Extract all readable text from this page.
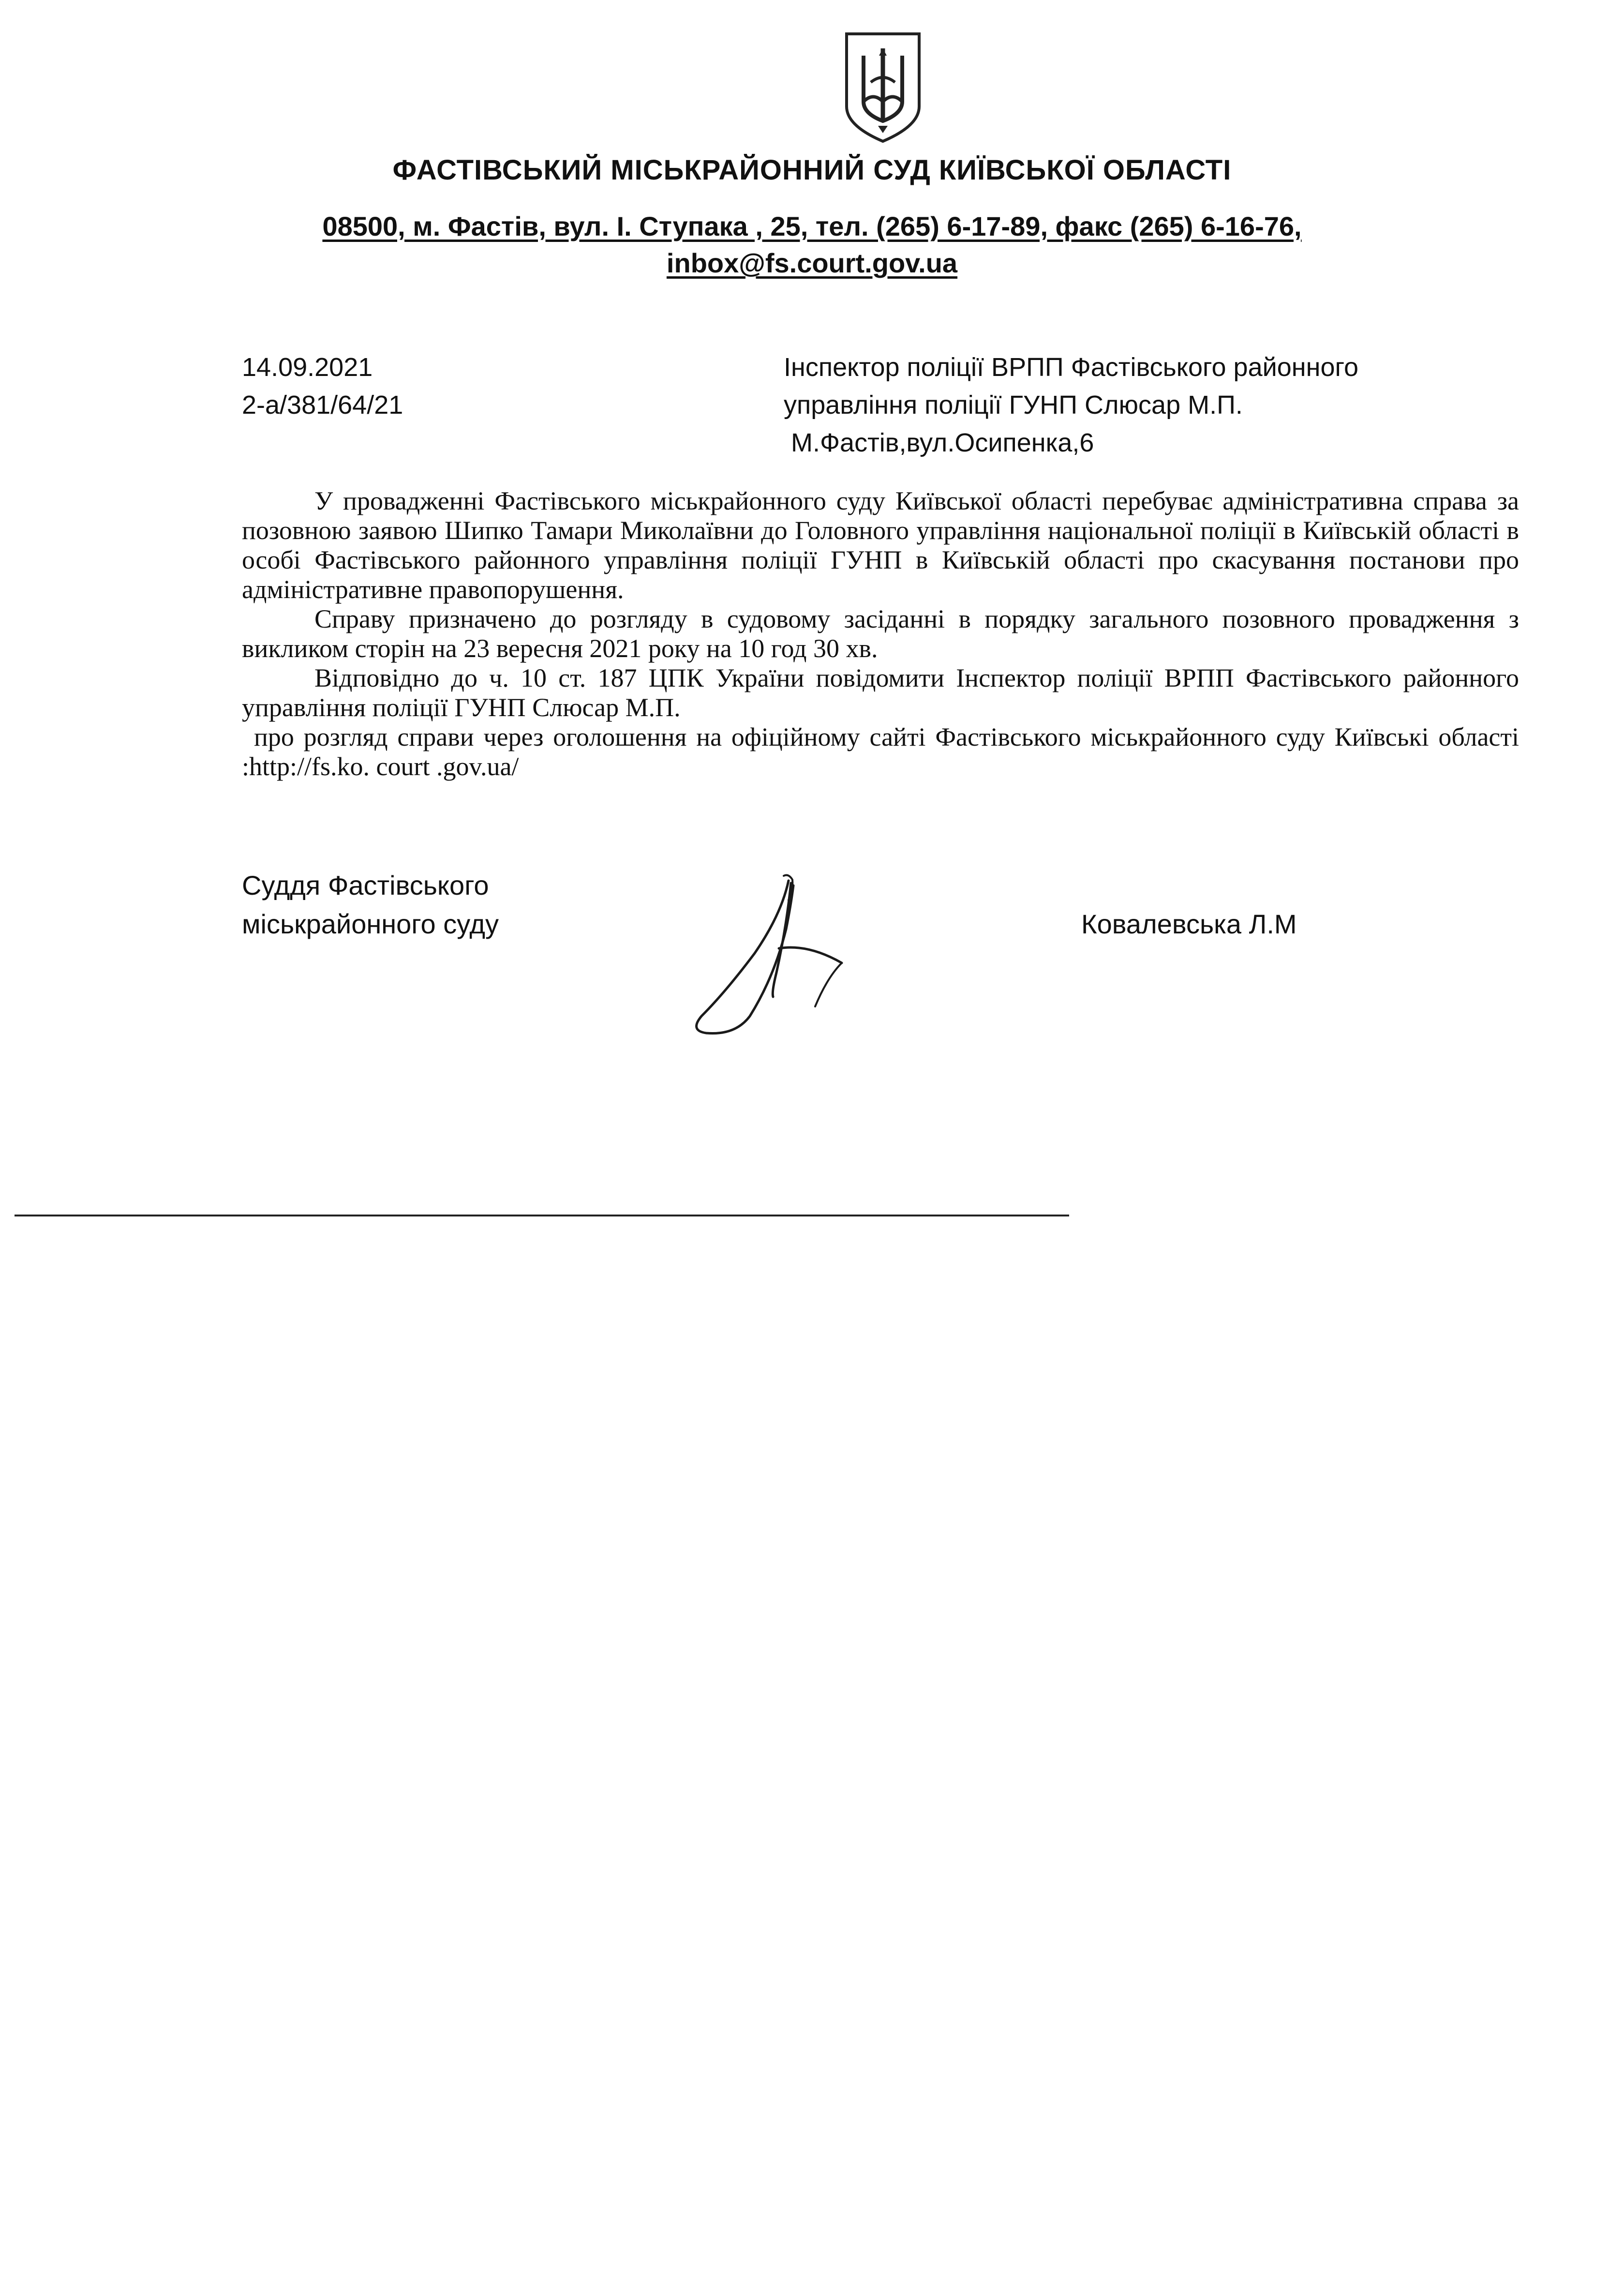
ФАСТІВСЬКИЙ МІСЬКРАЙОННИЙ СУД КИЇВСЬКОЇ ОБЛАСТІ
08500, м. Фастів, вул. І. Ступака , 25, тел. (265) 6-17-89, факс (265) 6-16-76,
inbox@fs.court.gov.ua
14.09.2021
2-а/381/64/21
Інспектор поліції ВРПП Фастівського районного
управління поліції ГУНП Слюсар М.П.
М.Фастів,вул.Осипенка,6

У провадженні Фастівського міськрайонного суду Київської області перебуває адміністративна справа за позовною заявою Шипко Тамари Миколаївни до Головного управління національної поліції в Київській області в особі Фастівського районного управління поліції ГУНП в Київській області про скасування постанови про адміністративне правопорушення.

Справу призначено до розгляду в судовому засіданні в порядку загального позовного провадження з викликом сторін на 23 вересня 2021 року на 10 год 30 хв.

Відповідно до ч. 10 ст. 187 ЦПК України повідомити Інспектор поліції ВРПП Фастівського районного управління поліції ГУНП Слюсар М.П.

про розгляд справи через оголошення на офіційному сайті Фастівського міськрайонного суду Київські області :http://fs.ko. court .gov.ua/

Суддя Фастівського
міськрайонного суду	Ковалевська Л.М
